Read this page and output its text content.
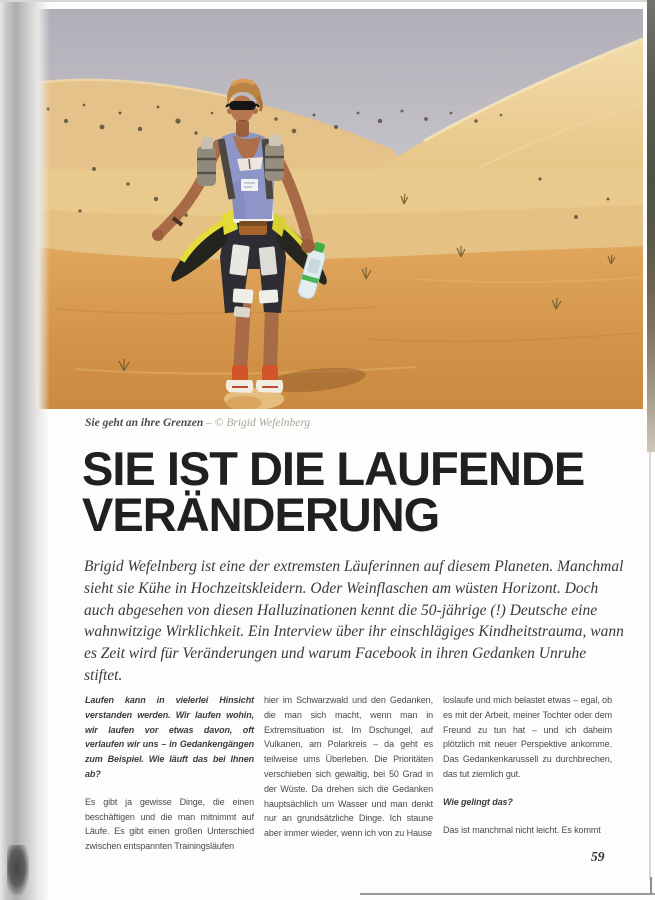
Sie geht an ihre Grenzen – © Brigid Wefelnberg
SIE IST DIE LAUFENDE
VERÄNDERUNG

Brigid Wefelnberg ist eine der extremsten Läuferinnen auf diesem Planeten. Manchmal sieht sie Kühe in Hochzeitskleidern. Oder Weinflaschen am wüsten Horizont. Doch auch abgesehen von diesen Halluzinationen kennt die 50-jährige (!) Deutsche eine wahnwitzige Wirklichkeit. Ein Interview über ihr einschlägiges Kindheitstrauma, wann es Zeit wird für Veränderungen und warum Facebook in ihren Gedanken Unruhe stiftet.

Laufen kann in vielerlei Hinsicht verstanden werden. Wir laufen wohin, wir laufen vor etwas davon, oft verlaufen wir uns – in Gedankengängen zum Beispiel. Wie läuft das bei Ihnen ab?

Es gibt ja gewisse Dinge, die einen beschäftigen und die man mitnimmt auf Läufe. Es gibt einen großen Unterschied zwischen entspannten Trainingsläufen

hier im Schwarzwald und den Gedanken, die man sich macht, wenn man in Extremsituation ist. Im Dschungel, auf Vulkanen, am Polarkreis – da geht es teilweise ums Überleben. Die Prioritäten verschieben sich gewaltig, bei 50 Grad in der Wüste. Da drehen sich die Gedanken hauptsächlich um Wasser und man denkt nur an grundsätzliche Dinge. Ich staune aber immer wieder, wenn ich von zu Hause

loslaufe und mich belastet etwas – egal, ob es mit der Arbeit, meiner Tochter oder dem Freund zu tun hat – und ich daheim plötzlich mit neuer Perspektive ankomme. Das Gedankenkarussell zu durchbrechen, das tut ziemlich gut.

Wie gelingt das?

Das ist manchmal nicht leicht. Es kommt

59
